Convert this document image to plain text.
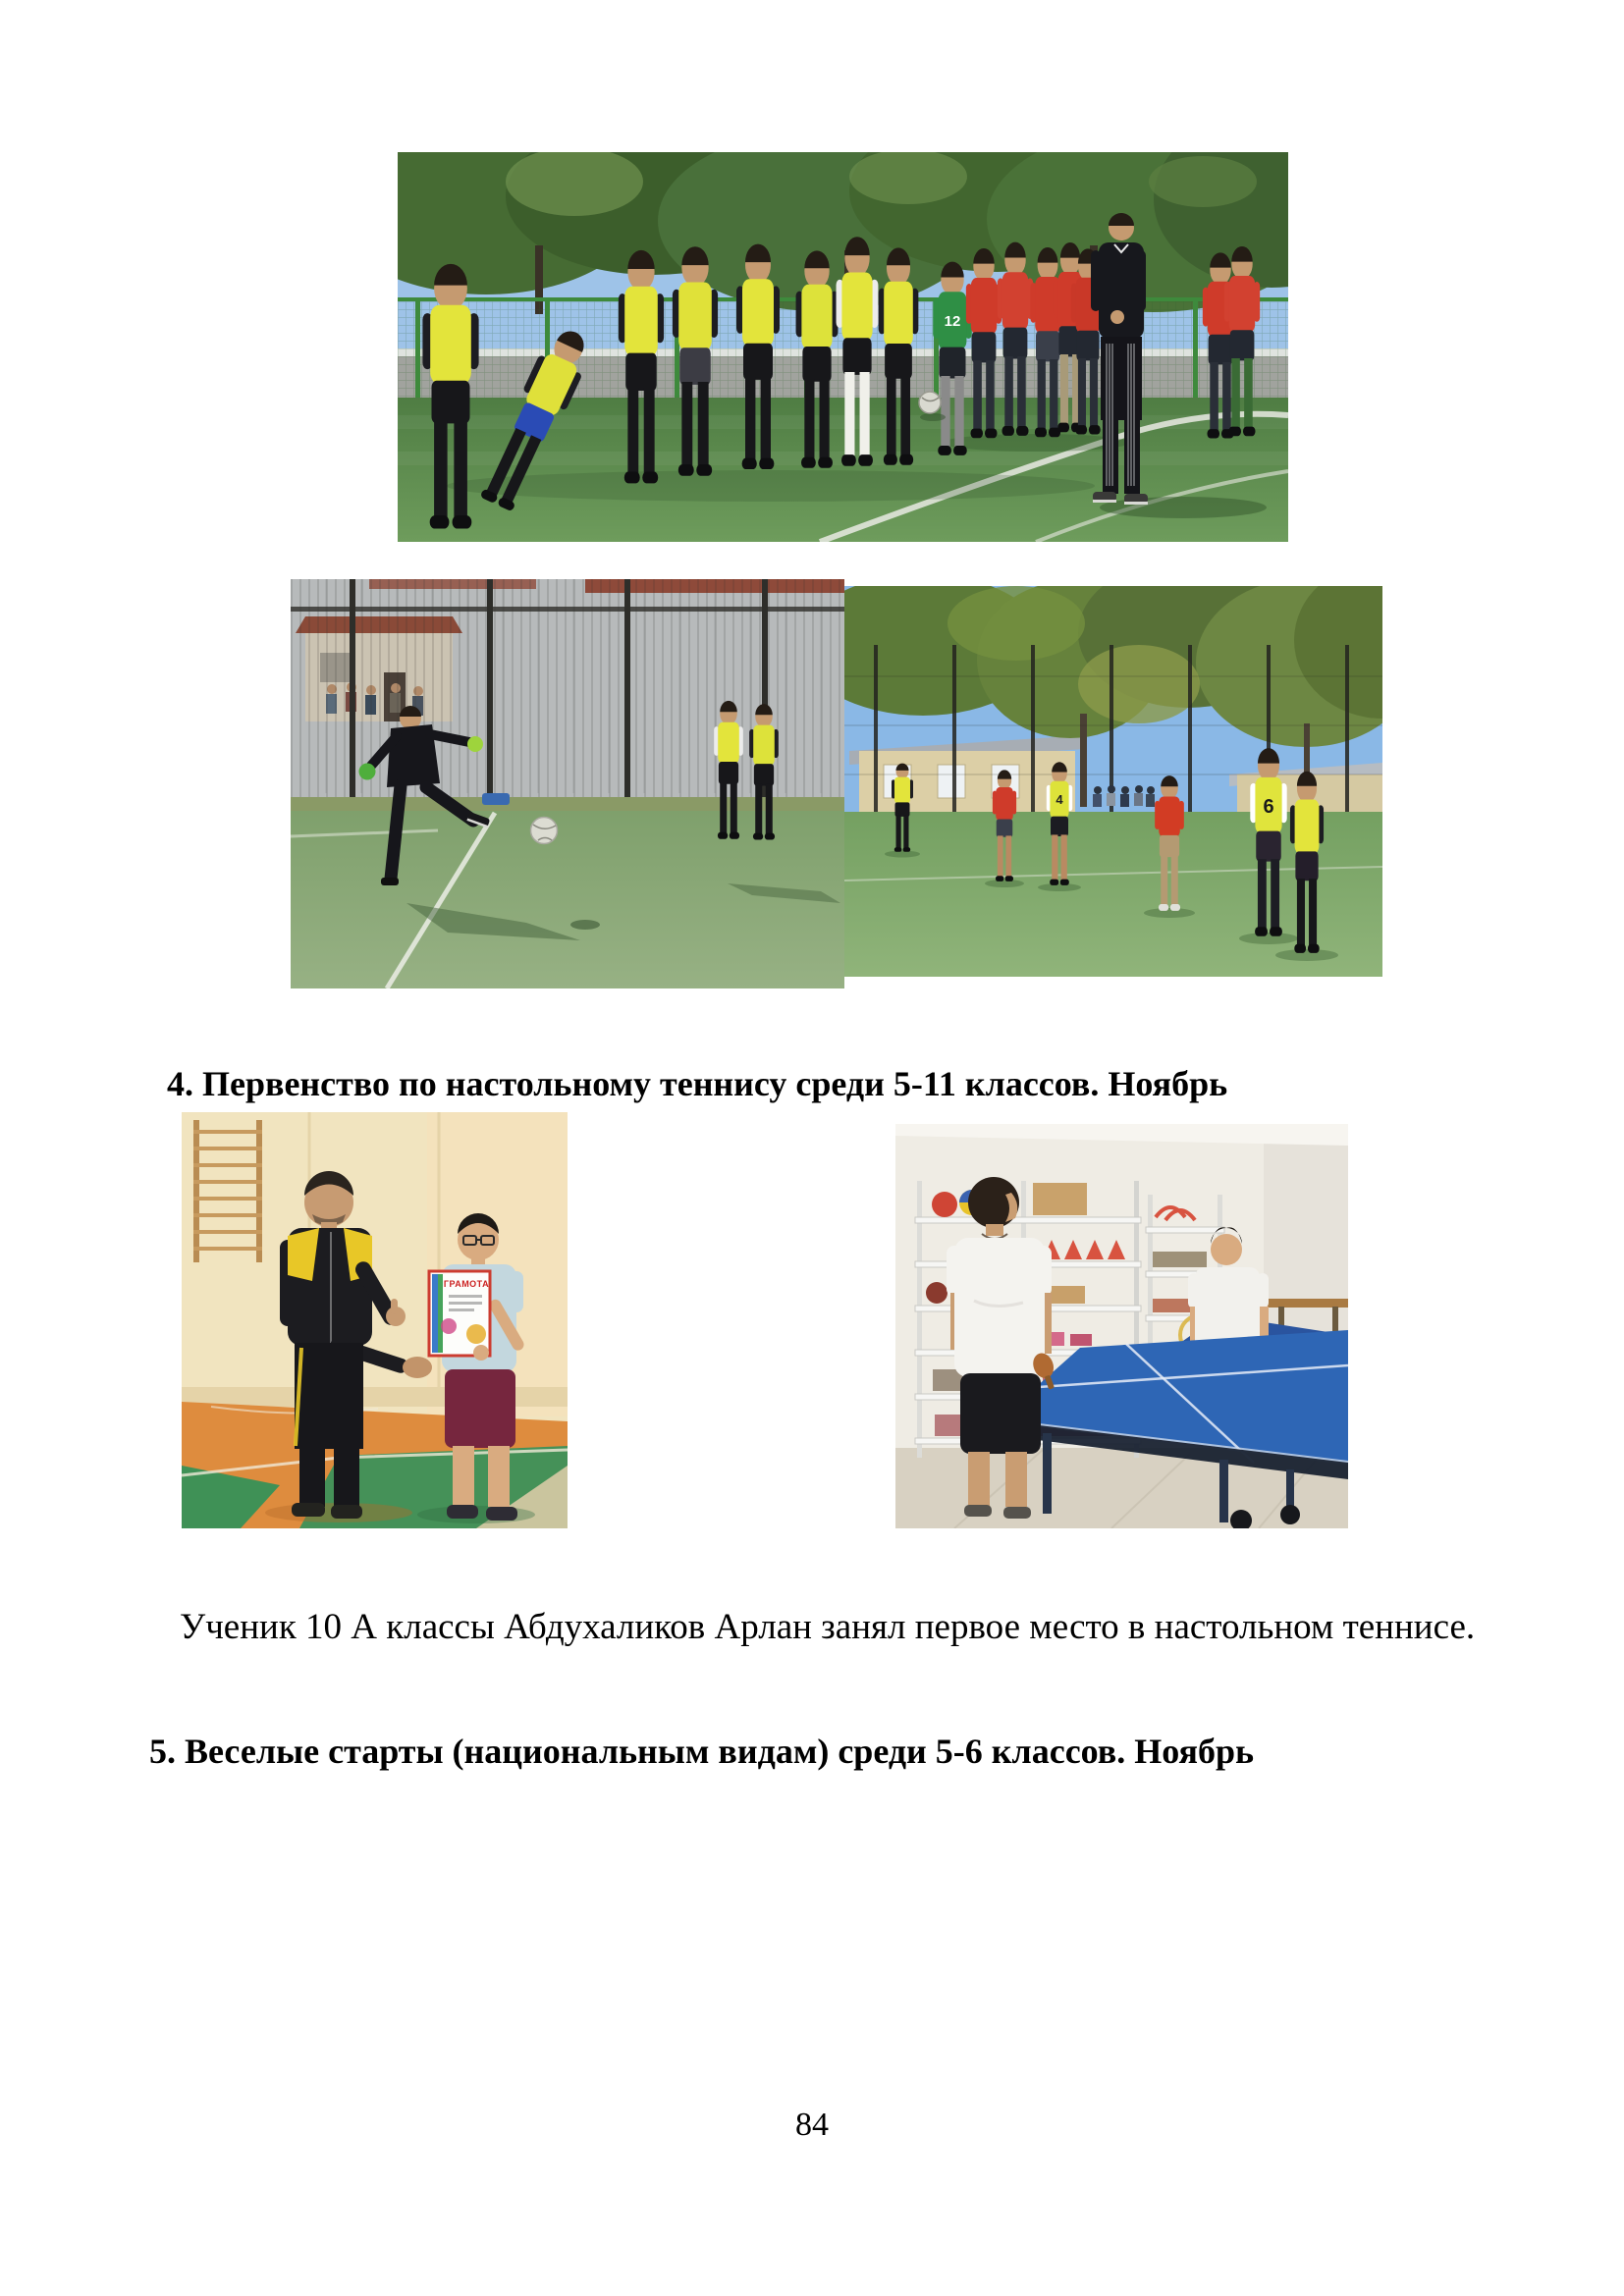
12
4	6
ГРАМОТА

4. Первенство по настольному теннису среди 5-11 классов. Ноябрь

Ученик 10 А классы Абдухаликов Арлан занял первое место в настольном теннисе.

5. Веселые старты (национальным видам) среди 5-6 классов. Ноябрь

84
